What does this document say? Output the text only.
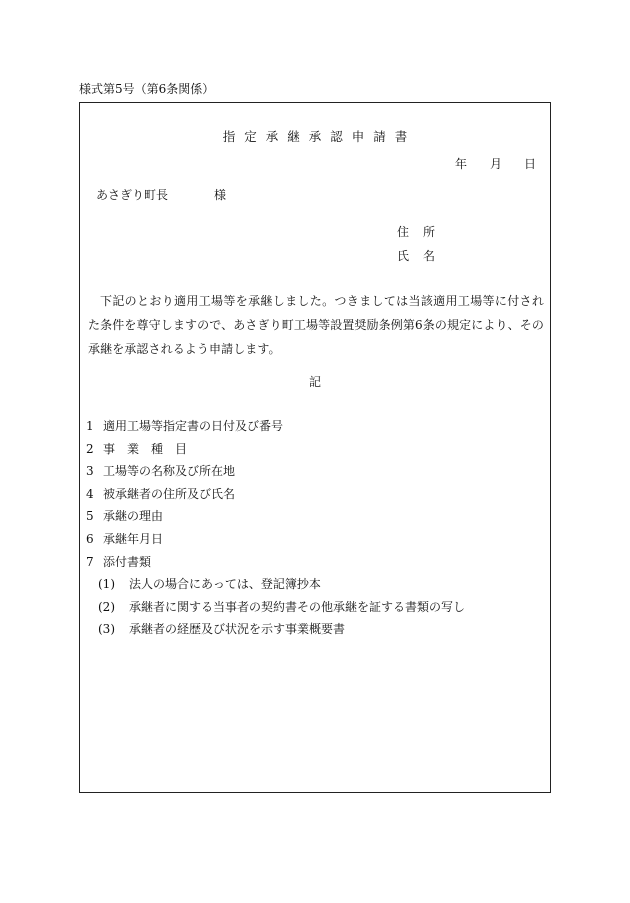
様式第5号（第6条関係）
指定承継承認申請書
年 月 日
あさぎり町長	様
住 所
氏 名
下記のとおり適用工場等を承継しました。つきましては当該適用工場等に付された条件を尊守しますので、あさぎり町工場等設置奨励条例第6条の規定により、その承継を承認されるよう申請します。
記
1 適用工場等指定書の日付及び番号
2 事　業　種　目
3 工場等の名称及び所在地
4 被承継者の住所及び氏名
5 承継の理由
6 承継年月日
7 添付書類
(1) 法人の場合にあっては、登記簿抄本
(2) 承継者に関する当事者の契約書その他承継を証する書類の写し
(3) 承継者の経歴及び状況を示す事業概要書
